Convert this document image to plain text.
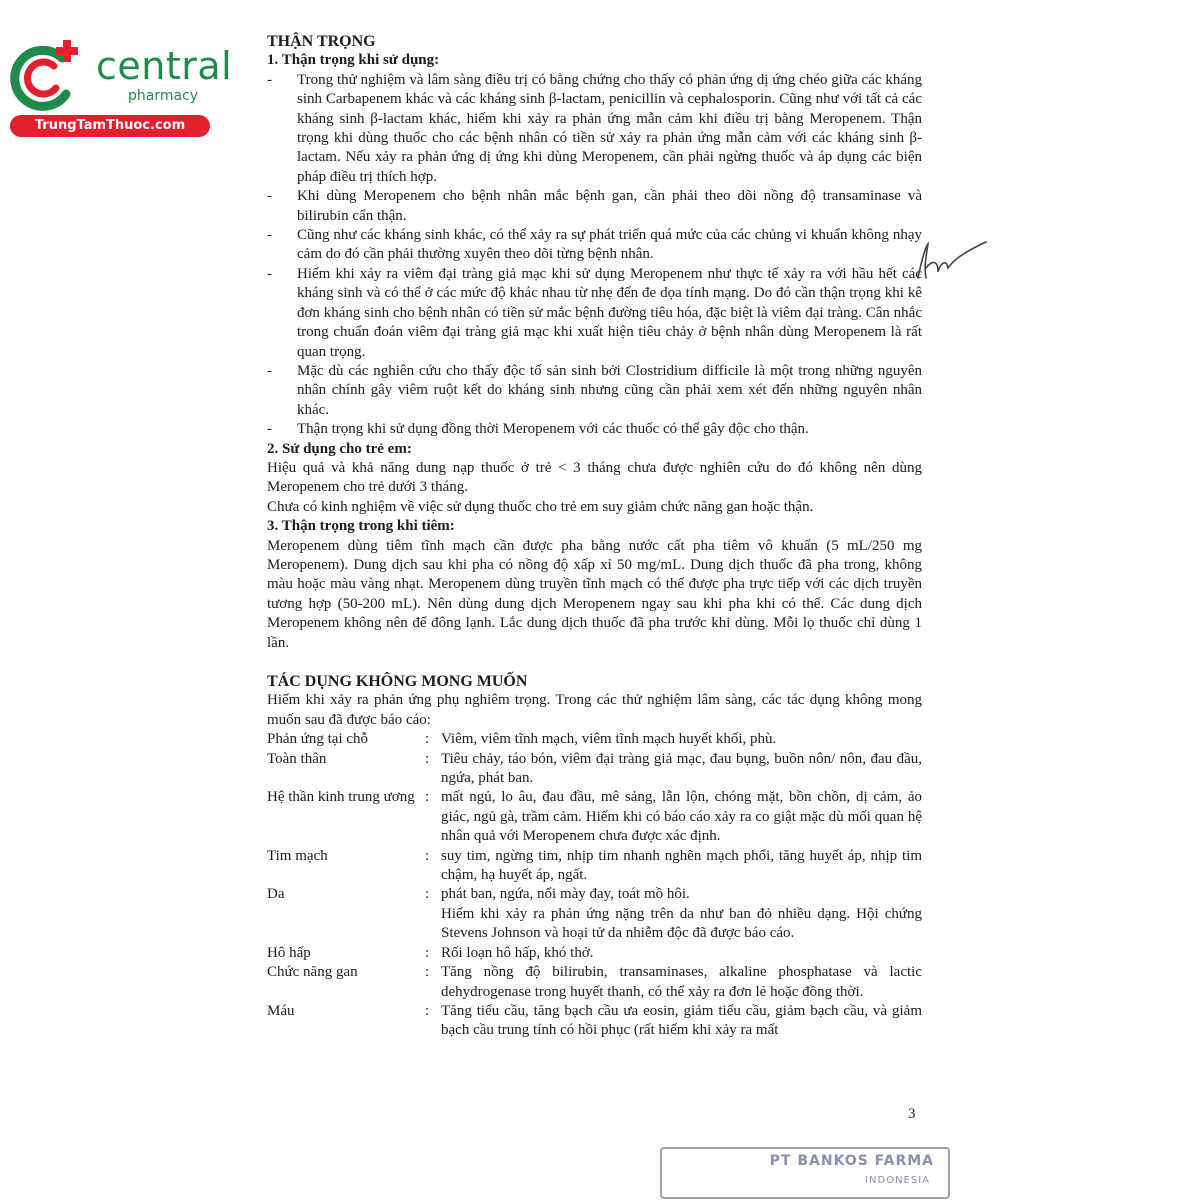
central
pharmacy
TrungTamThuoc.com

THẬN TRỌNG

1. Thận trọng khi sử dụng:

- Trong thử nghiệm và lâm sàng điều trị có bằng chứng cho thấy có phản ứng dị ứng chéo giữa các kháng sinh Carbapenem khác và các kháng sinh β-lactam, penicillin và cephalosporin. Cũng như với tất cả các kháng sinh β-lactam khác, hiếm khi xảy ra phản ứng mẫn cảm khi điều trị bằng Meropenem. Thận trọng khi dùng thuốc cho các bệnh nhân có tiền sử xảy ra phản ứng mẫn cảm với các kháng sinh β-lactam. Nếu xảy ra phản ứng dị ứng khi dùng Meropenem, cần phải ngừng thuốc và áp dụng các biện pháp điều trị thích hợp.
- Khi dùng Meropenem cho bệnh nhân mắc bệnh gan, cần phải theo dõi nồng độ transaminase và bilirubin cẩn thận.
- Cũng như các kháng sinh khác, có thể xảy ra sự phát triển quá mức của các chủng vi khuẩn không nhạy cảm do đó cần phải thường xuyên theo dõi từng bệnh nhân.
- Hiếm khi xảy ra viêm đại tràng giả mạc khi sử dụng Meropenem như thực tế xảy ra với hầu hết các kháng sinh và có thể ở các mức độ khác nhau từ nhẹ đến đe dọa tính mạng. Do đó cần thận trọng khi kê đơn kháng sinh cho bệnh nhân có tiền sử mắc bệnh đường tiêu hóa, đặc biệt là viêm đại tràng. Cân nhắc trong chuẩn đoán viêm đại tràng giả mạc khi xuất hiện tiêu chảy ở bệnh nhân dùng Meropenem là rất quan trọng.
- Mặc dù các nghiên cứu cho thấy độc tố sản sinh bởi Clostridium difficile là một trong những nguyên nhân chính gây viêm ruột kết do kháng sinh nhưng cũng cần phải xem xét đến những nguyên nhân khác.
- Thận trọng khi sử dụng đồng thời Meropenem với các thuốc có thể gây độc cho thận.

2. Sử dụng cho trẻ em:

Hiệu quả và khả năng dung nạp thuốc ở trẻ < 3 tháng chưa được nghiên cứu do đó không nên dùng Meropenem cho trẻ dưới 3 tháng.

Chưa có kinh nghiệm về việc sử dụng thuốc cho trẻ em suy giảm chức năng gan hoặc thận.

3. Thận trọng trong khi tiêm:

Meropenem dùng tiêm tĩnh mạch cần được pha bằng nước cất pha tiêm vô khuẩn (5 mL/250 mg Meropenem). Dung dịch sau khi pha có nồng độ xấp xỉ 50 mg/mL. Dung dịch thuốc đã pha trong, không màu hoặc màu vàng nhạt. Meropenem dùng truyền tĩnh mạch có thể được pha trực tiếp với các dịch truyền tương hợp (50-200 mL). Nên dùng dung dịch Meropenem ngay sau khi pha khi có thể. Các dung dịch Meropenem không nên để đông lạnh. Lắc dung dịch thuốc đã pha trước khi dùng. Mỗi lọ thuốc chỉ dùng 1 lần.

TÁC DỤNG KHÔNG MONG MUỐN

Hiếm khi xảy ra phản ứng phụ nghiêm trọng. Trong các thử nghiệm lâm sàng, các tác dụng không mong muốn sau đã được báo cáo:

Phản ứng tại chỗ	: Viêm, viêm tĩnh mạch, viêm tĩnh mạch huyết khối, phù.
Toàn thân	: Tiêu chảy, táo bón, viêm đại tràng giả mạc, đau bụng, buồn nôn/ nôn, đau đầu, ngứa, phát ban.
Hệ thần kinh trung ương : mất ngủ, lo âu, đau đầu, mê sảng, lẫn lộn, chóng mặt, bồn chồn, dị cảm, ảo giác, ngủ gà, trầm cảm. Hiếm khi có báo cáo xảy ra co giật mặc dù mối quan hệ nhân quả với Meropenem chưa được xác định.
Tim mạch	: suy tim, ngừng tim, nhịp tim nhanh nghẽn mạch phổi, tăng huyết áp, nhịp tim chậm, hạ huyết áp, ngất.
Da	: phát ban, ngứa, nổi mày đay, toát mồ hôi.
Hiếm khi xảy ra phản ứng nặng trên da như ban đỏ nhiều dạng. Hội chứng Stevens Johnson và hoại tử da nhiễm độc đã được báo cáo.
Hô hấp	: Rối loạn hô hấp, khó thở.
Chức năng gan	: Tăng nồng độ bilirubin, transaminases, alkaline phosphatase và lactic dehydrogenase trong huyết thanh, có thể xảy ra đơn lẻ hoặc đồng thời.
Máu	: Tăng tiểu cầu, tăng bạch cầu ưa eosin, giảm tiểu cầu, giảm bạch cầu, và giảm bạch cầu trung tính có hồi phục (rất hiếm khi xảy ra mất
3
PT BANKOS FARMA
INDONESIA
